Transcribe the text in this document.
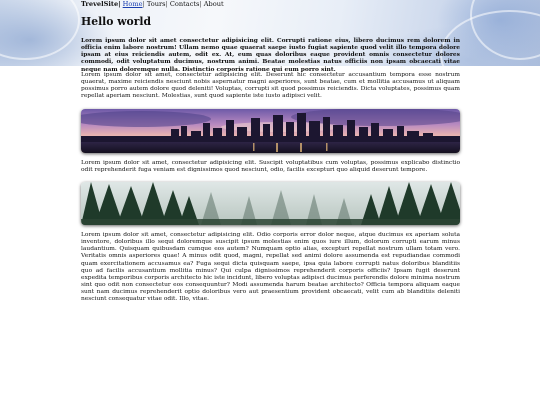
TrevelSite| Home| Tours| Contacts| About
Hello world

Lorem ipsum dolor sit amet consectetur adipisicing elit. Corrupti ratione eius, libero ducimus rem dolorem in officia enim labore nostrum! Ullam nemo quae quaerat saepe iusto fugiat sapiente quod velit illo tempora dolore ipsam at eius reiciendis autem, odit ex. At, eum quas doloribus eaque provident omnis consectetur dolores commodi, odit voluptatum ducimus, nostrum animi. Beatae molestias natus officiis non ipsam obcaecati vitae neque nam doloremque nulla. Distinctio corporis ratione qui eum porro sint.

Lorem ipsum dolor sit amet, consectetur adipisicing elit. Deserunt hic consectetur accusantium tempora esse nostrum quaerat, maxime reiciendis nesciunt nobis aspernatur magni asperiores, sunt beatae, cum et mollitia accusamus ut aliquam possimus porro autem dolore quod deleniti! Voluptas, corrupti sit quod possimus reiciendis. Dicta voluptates, possimus quam repellat aperiam nesciunt. Molestias, sunt quod sapiente iste iusto adipisci velit.

Lorem ipsum dolor sit amet, consectetur adipisicing elit. Suscipit voluptatibus cum voluptas, possimus explicabo distinctio odit reprehenderit fuga veniam est dignissimos quod nesciunt, odio, facilis excepturi quo aliquid deserunt tempore.

Lorem ipsum dolor sit amet, consectetur adipisicing elit. Odio corporis error dolor neque, atque ducimus ex aperiam soluta inventore, doloribus illo sequi doloremque suscipit ipsum molestias enim quos iure illum, dolorum corrupti earum minus laudantium. Quisquam quibusdam cumque eos autem? Numquam optio alias, excepturi repellat nostrum ullam totam vero. Veritatis omnis asperiores quae! A minus odit quod, magni, repellat sed animi dolore assumenda est repudiandae commodi quam exercitationem accusamus ea? Fuga sequi dicta quisquam saepe, ipsa quia labore corrupti natus doloribus blanditiis quo ad facilis accusantium mollitia minus? Qui culpa dignissimos reprehenderit corporis officiis? Ipsam fugit deserunt expedita temporibus corporis architecto hic iste incidunt, libero voluptas adipisci ducimus perferendis dolore minima nostrum sint quo odit non consectetur eos consequuntur? Modi assumenda harum beatae architecto? Officia tempora aliquam eaque sunt nam ducimus reprehenderit optio doloribus vero aut praesentium provident obcaecati, velit cum ab blanditiis deleniti nesciunt consequatur vitae odit. Illo, vitae.
